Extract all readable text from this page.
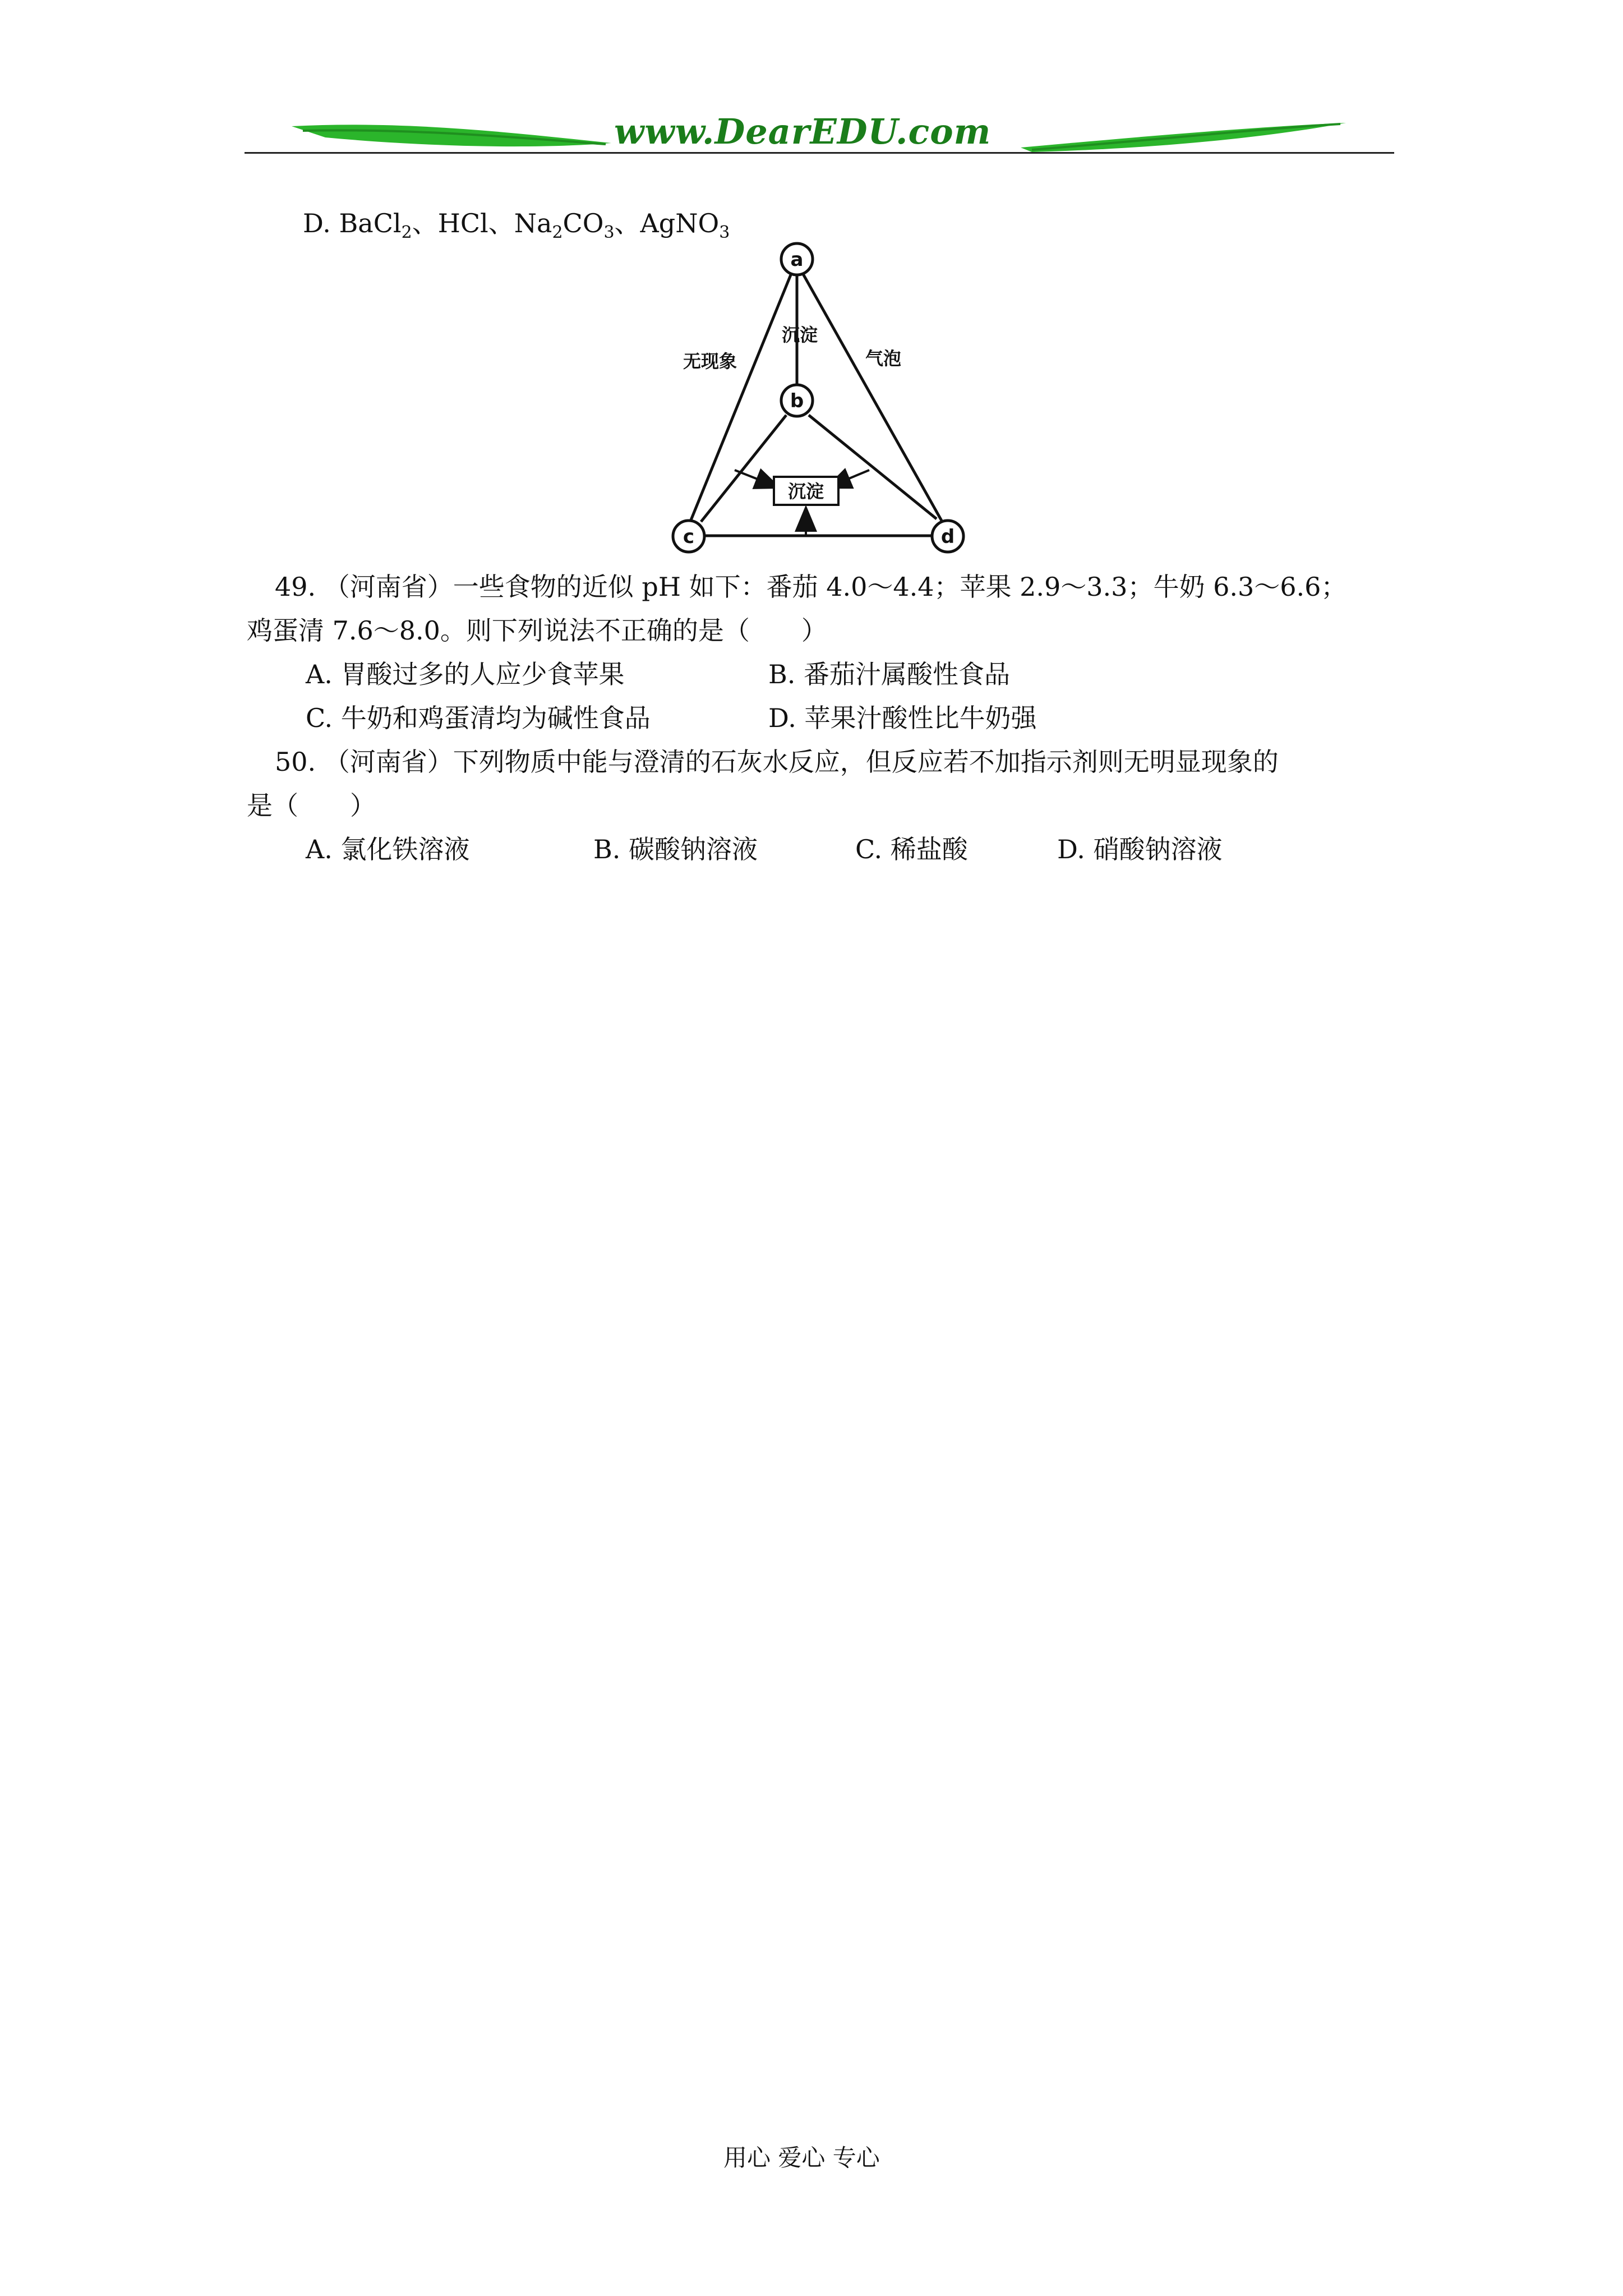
www.DearEDU.com
D. BaCl$_2$、HCl、$Na_2CO_3$、AgNO$_3$
沉淀
沉淀
无现象	气泡
a
b
c	d
49. （河南省）一些食物的近似 pH 如下：番茄 4.0～4.4；苹果 2.9～3.3；牛奶 6.3～6.6；
鸡蛋清 7.6～8.0。则下列说法不正确的是（　　）
A. 胃酸过多的人应少食苹果	B. 番茄汁属酸性食品
C. 牛奶和鸡蛋清均为碱性食品	D. 苹果汁酸性比牛奶强
50. （河南省）下列物质中能与澄清的石灰水反应，但反应若不加指示剂则无明显现象的
是（　　）
A. 氯化铁溶液	B. 碳酸钠溶液	C. 稀盐酸	D. 硝酸钠溶液
用心 爱心 专心
